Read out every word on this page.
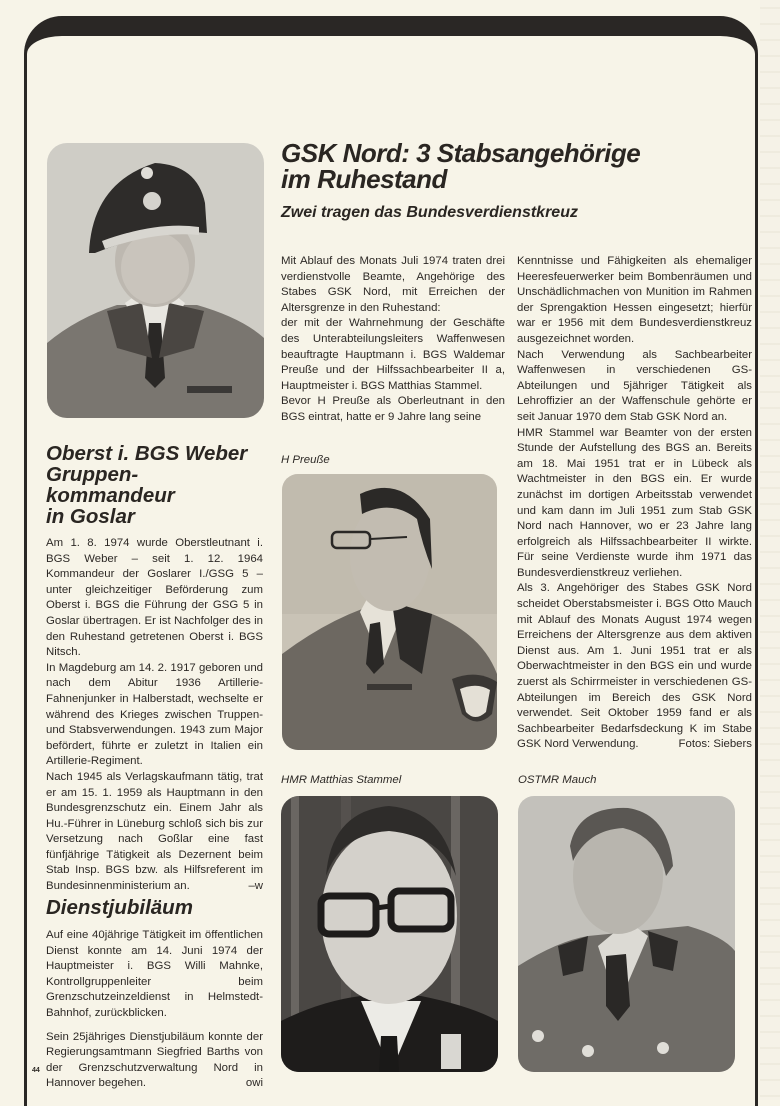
GSK Nord: 3 Stabsangehörige
im Ruhestand
Zwei tragen das Bundesverdienstkreuz

Mit Ablauf des Monats Juli 1974 traten drei verdienstvolle Beamte, Angehörige des Stabes GSK Nord, mit Erreichen der Altersgrenze in den Ruhestand:

der mit der Wahrnehmung der Geschäfte des Unterabteilungsleiters Waffenwesen beauftragte Hauptmann i. BGS Waldemar Preuße und der Hilfssachbearbeiter II a, Hauptmeister i. BGS Matthias Stammel.

Bevor H Preuße als Oberleutnant in den BGS eintrat, hatte er 9 Jahre lang seine

H Preuße

Kenntnisse und Fähigkeiten als ehemaliger Heeresfeuerwerker beim Bombenräumen und Unschädlichmachen von Munition im Rahmen der Sprengaktion Hessen eingesetzt; hierfür war er 1956 mit dem Bundesverdienstkreuz ausgezeichnet worden.

Nach Verwendung als Sachbearbeiter Waffenwesen in verschiedenen GS-Abteilungen und 5jähriger Tätigkeit als Lehroffizier an der Waffenschule gehörte er seit Januar 1970 dem Stab GSK Nord an.

HMR Stammel war Beamter von der ersten Stunde der Aufstellung des BGS an. Bereits am 18. Mai 1951 trat er in Lübeck als Wachtmeister in den BGS ein. Er wurde zunächst im dortigen Arbeitsstab verwendet und kam dann im Juli 1951 zum Stab GSK Nord nach Hannover, wo er 23 Jahre lang erfolgreich als Hilfssachbearbeiter II wirkte. Für seine Verdienste wurde ihm 1971 das Bundesverdienstkreuz verliehen.

Als 3. Angehöriger des Stabes GSK Nord scheidet Oberstabsmeister i. BGS Otto Mauch mit Ablauf des Monats August 1974 wegen Erreichens der Altersgrenze aus dem aktiven Dienst aus. Am 1. Juni 1951 trat er als Oberwachtmeister in den BGS ein und wurde zuerst als Schirrmeister in verschiedenen GS-Abteilungen im Bereich des GSK Nord verwendet. Seit Oktober 1959 fand er als Sachbearbeiter Bedarfsdeckung K im Stabe GSK Nord Verwendung.	Fotos: Siebers

HMR Matthias Stammel	OSTMR Mauch
Oberst i. BGS Weber
Gruppen-
kommandeur
in Goslar

Am 1. 8. 1974 wurde Oberstleutnant i. BGS Weber – seit 1. 12. 1964 Kommandeur der Goslarer I./GSG 5 – unter gleichzeitiger Beförderung zum Oberst i. BGS die Führung der GSG 5 in Goslar übertragen. Er ist Nachfolger des in den Ruhestand getretenen Oberst i. BGS Nitsch.

In Magdeburg am 14. 2. 1917 geboren und nach dem Abitur 1936 Artillerie-Fahnenjunker in Halberstadt, wechselte er während des Krieges zwischen Truppen- und Stabsverwendungen. 1943 zum Major befördert, führte er zuletzt in Italien ein Artillerie-Regiment.

Nach 1945 als Verlagskaufmann tätig, trat er am 15. 1. 1959 als Hauptmann in den Bundesgrenzschutz ein. Einem Jahr als Hu.-Führer in Lüneburg schloß sich bis zur Versetzung nach Goßlar eine fast fünfjährige Tätigkeit als Dezernent beim Stab Insp. BGS bzw. als Hilfsreferent im Bundesinnenministerium an.	–w

Dienstjubiläum

Auf eine 40jährige Tätigkeit im öffentlichen Dienst konnte am 14. Juni 1974 der Hauptmeister i. BGS Willi Mahnke, Kontrollgruppenleiter beim Grenzschutzeinzeldienst in Helmstedt-Bahnhof, zurückblicken.

Sein 25jähriges Dienstjubiläum konnte der Regierungsamtmann Siegfried Barths von der Grenzschutzverwaltung Nord in Hannover begehen.	owi

44
